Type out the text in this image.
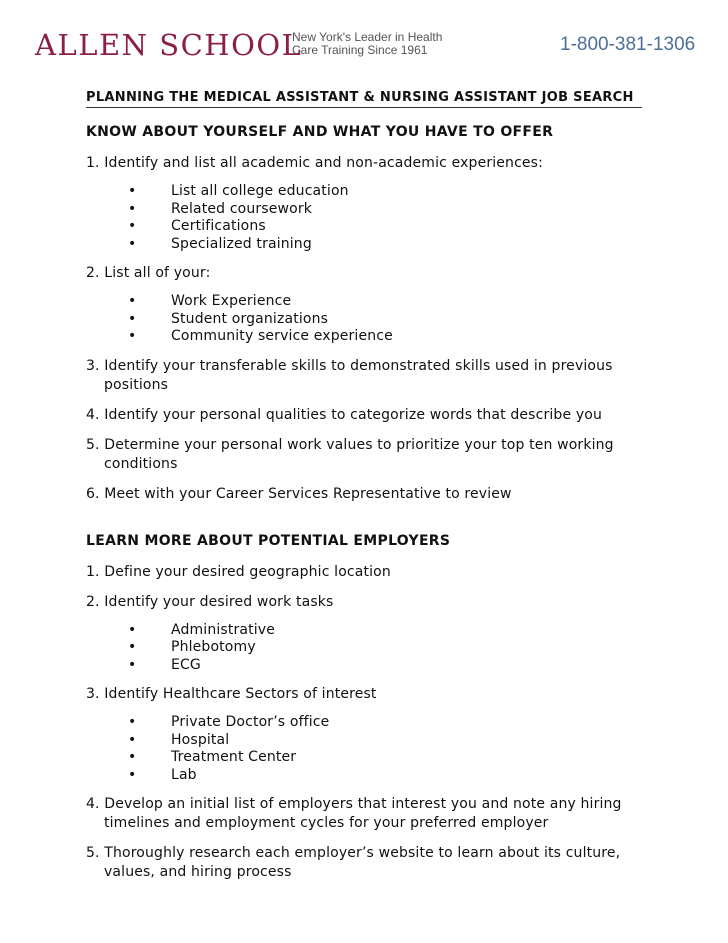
ALLEN SCHOOL
New York's Leader in Health
Care Training Since 1961	1-800-381-1306
PLANNING THE MEDICAL ASSISTANT & NURSING ASSISTANT JOB SEARCH
KNOW ABOUT YOURSELF AND WHAT YOU HAVE TO OFFER
1. Identify and list all academic and non-academic experiences:
• List all college education
• Related coursework
• Certifications
• Specialized training
2. List all of your:
• Work Experience
• Student organizations
• Community service experience
3. Identify your transferable skills to demonstrated skills used in previous positions
4. Identify your personal qualities to categorize words that describe you
5. Determine your personal work values to prioritize your top ten working conditions
6. Meet with your Career Services Representative to review
LEARN MORE ABOUT POTENTIAL EMPLOYERS
1. Define your desired geographic location
2. Identify your desired work tasks
• Administrative
• Phlebotomy
• ECG
3. Identify Healthcare Sectors of interest
• Private Doctor’s office
• Hospital
• Treatment Center
• Lab
4. Develop an initial list of employers that interest you and note any hiring timelines and employment cycles for your preferred employer
5. Thoroughly research each employer’s website to learn about its culture, values, and hiring process
